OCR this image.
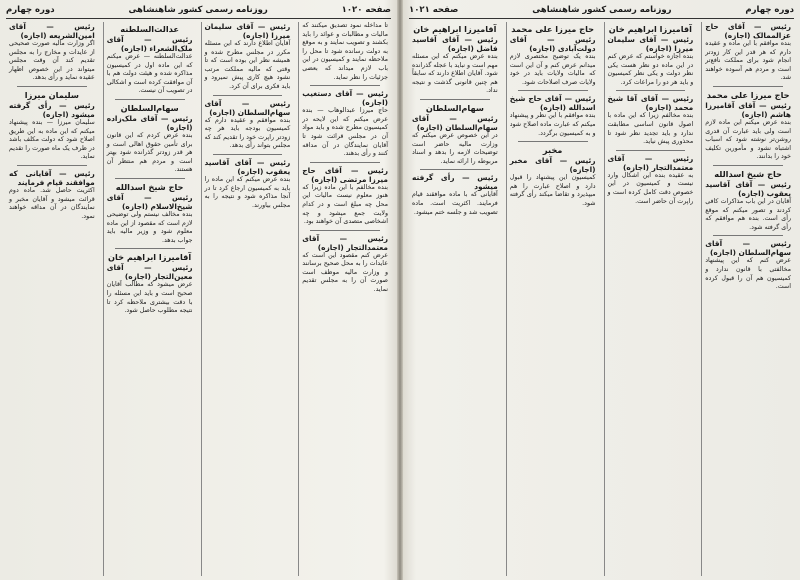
صفحه ۱۰۲۰
روزنامه رسمی کشور شاهنشاهی
دوره چهارم

تا مداخله نمود تصدیق میکنند که مالیات و مطالبات و عوائد را باید بکشند و تصویب نمایند و به موقع به دولت رسانده شود تا محل را ملاحظه نمایند و کمیسیون در این باب لازم میداند که بعضی جزئیات را نظر نماید.

رئیس — آقای دستغیب (اجازه)

حاج میرزا عبدالوهاب — بنده عرض میکنم که این لایحه در کمیسیون مطرح شده و باید مواد آن در مجلس قرائت شود تا آقایان نمایندگان در آن مداقه کنند و رأی بدهند.

رئیس — آقای حاج میرزا مرتضی (اجازه)

بنده مخالفم با این ماده زیرا که هنوز معلوم نیست مالیات این محل چه مبلغ است و در کدام ولایت جمع میشود و چه اشخاصی متصدی آن خواهند بود.

رئیس — آقای معتمدالتجار (اجازه)

عرض کنم مقصود این است که عایدات را به محل صحیح برسانند و وزارت مالیه موظف است صورت آن را به مجلس تقدیم نماید.

رئیس — آقای سلیمان میرزا (اجازه)

آقایان اطلاع دارند که این مسئله مکرر در مجلس مطرح شده و همیشه نظر این بوده است که تا وقتی که مالیه مملکت مرتب نشود هیچ کاری پیش نمیرود و باید فکری برای آن کرد.

رئیس — آقای سهام‌السلطان (اجازه)

بنده موافقم و عقیده دارم که کمیسیون بودجه باید هر چه زودتر راپرت خود را تقدیم کند که مجلس بتواند رأی بدهد.

رئیس — آقای آقاسید یعقوب (اجازه)

بنده عرض میکنم که این ماده را باید به کمیسیون ارجاع کرد تا در آنجا مذاکره شود و نتیجه را به مجلس بیاورند.

عدالت‌السلطنه
رئیس — آقای ملک‌الشعراء (اجازه)

عدالت‌السلطنه — عرض میکنم که این ماده اول در کمیسیون مذاکره شده و هیئت دولت هم با آن موافقت کرده است و اشکالی در تصویب آن نیست.

سهام‌السلطان
رئیس — آقای ملک‌زاده (اجازه)

بنده عرض کردم که این قانون برای تأمین حقوق اهالی است و هر قدر زودتر گذرانده شود بهتر است و مردم هم منتظر آن هستند.

حاج شیخ اسدالله
رئیس — آقای شیخ‌الاسلام (اجازه)

بنده مخالف نیستم ولی توضیحی لازم است که مقصود از این ماده معلوم شود و وزیر مالیه باید جواب بدهد.

آقامیرزا ابراهیم خان
رئیس — آقای معین‌التجار (اجازه)

عرض میشود که مطالب آقایان صحیح است و باید این مسئله را با دقت بیشتری ملاحظه کرد تا نتیجه مطلوب حاصل شود.

رئیس — آقای امین‌الشریعه (اجازه)

اگر وزارت مالیه صورت صحیحی از عایدات و مخارج را به مجلس تقدیم کند آن وقت مجلس میتواند در این خصوص اظهار عقیده نماید و رأی بدهد.

سلیمان میرزا
رئیس — رأی گرفته میشود (اجازه)

سلیمان میرزا — بنده پیشنهاد میکنم که این ماده به این طریق اصلاح شود که دولت مکلف باشد در ظرف یک ماه صورت را تقدیم نماید.

رئیس — آقایانی که موافقند قیام فرمایند

اکثریت حاصل شد. ماده دوم قرائت میشود و آقایان مخبر و نمایندگان در آن مداقه خواهند نمود.

دوره چهارم
روزنامه رسمی کشور شاهنشاهی
صفحه ۱۰۲۱
رئیس — آقای حاج عزالممالک (اجازه)

بنده موافقم با این ماده و عقیده دارم که هر قدر این کار زودتر انجام شود برای مملکت نافع‌تر است و مردم هم آسوده خواهند شد.

حاج میرزا علی محمد
رئیس — آقای آقامیرزا هاشم (اجازه)

بنده عرض میکنم این ماده لازم است ولی باید عبارت آن قدری روشن‌تر نوشته شود که اسباب اشتباه نشود و مأمورین تکلیف خود را بدانند.

حاج شیخ اسدالله
رئیس — آقای آقاسید یعقوب (اجازه)

آقایان در این باب مذاکرات کافی کردند و تصور میکنم که موقع رأی است. بنده هم موافقم که رأی گرفته شود.

رئیس — آقای سهام‌السلطان (اجازه)

عرض کنم که این پیشنهاد مخالفتی با قانون ندارد و کمیسیون هم آن را قبول کرده است.

آقامیرزا ابراهیم خان
رئیس — آقای سلیمان میرزا (اجازه)

بنده اجازه خواستم که عرض کنم در این ماده دو نظر هست یکی نظر دولت و یکی نظر کمیسیون و باید هر دو را مراعات کرد.

رئیس — آقای آقا شیخ محمد (اجازه)

بنده مخالفم زیرا که این ماده با اصول قانون اساسی مطابقت ندارد و باید تجدید نظر شود تا محذوری پیش نیاید.

رئیس — آقای معتمدالتجار (اجازه)

به عقیده بنده این اشکال وارد نیست و کمیسیون در این خصوص دقت کامل کرده است و راپرت آن حاضر است.

حاج میرزا علی محمد
رئیس — آقای دولت‌آبادی (اجازه)

بنده یک توضیح مختصری لازم میدانم عرض کنم و آن این است که مالیات ولایات باید در خود ولایات صرف اصلاحات شود.

رئیس — آقای حاج شیخ اسدالله (اجازه)

بنده موافقم با این نظر و پیشنهاد میکنم که عبارت ماده اصلاح شود و به کمیسیون برگردد.

مخبر
رئیس — آقای مخبر (اجازه)

کمیسیون این پیشنهاد را قبول دارد و اصلاح عبارت را هم میپذیرد و تقاضا میکند رأی گرفته شود.

آقامیرزا ابراهیم خان
رئیس — آقای آقاسید فاضل (اجازه)

بنده عرض میکنم که این مسئله مهم است و نباید با عجله گذرانده شود. آقایان اطلاع دارند که سابقاً هم چنین قانونی گذشت و نتیجه نداد.

سهام‌السلطان
رئیس — آقای سهام‌السلطان (اجازه)

در این خصوص عرض میکنم که وزارت مالیه حاضر است توضیحات لازمه را بدهد و اسناد مربوطه را ارائه نماید.

رئیس — رأی گرفته میشود

آقایانی که با ماده موافقند قیام فرمایند. اکثریت است. ماده تصویب شد و جلسه ختم میشود.
